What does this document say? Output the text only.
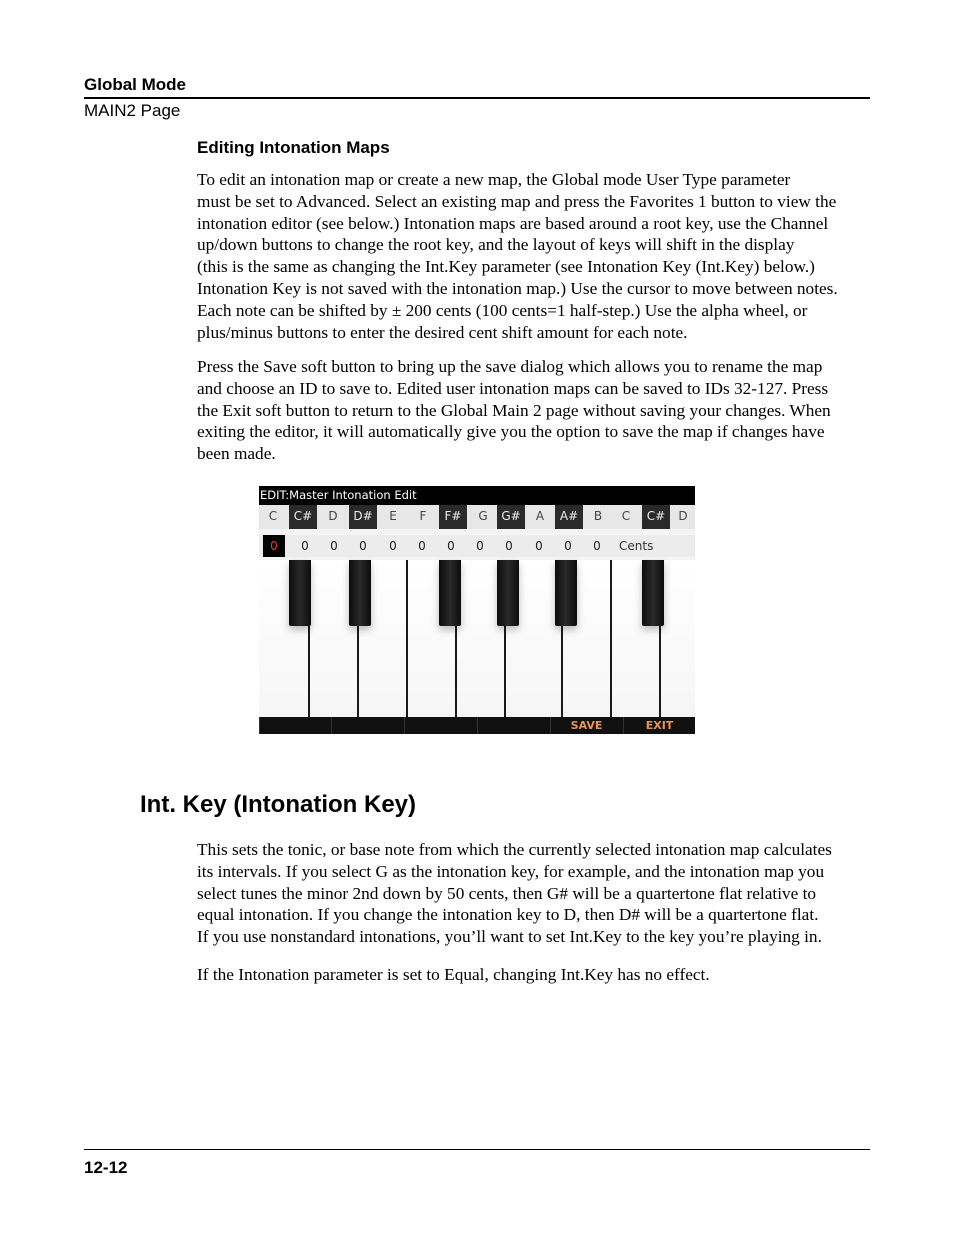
Global Mode
MAIN2 Page
Editing Intonation Maps
To edit an intonation map or create a new map, the Global mode User Type parameter
must be set to Advanced. Select an existing map and press the Favorites 1 button to view the
intonation editor (see below.) Intonation maps are based around a root key, use the Channel
up/down buttons to change the root key, and the layout of keys will shift in the display
(this is the same as changing the Int.Key parameter (see Intonation Key (Int.Key) below.)
Intonation Key is not saved with the intonation map.) Use the cursor to move between notes.
Each note can be shifted by ± 200 cents (100 cents=1 half-step.) Use the alpha wheel, or
plus/minus buttons to enter the desired cent shift amount for each note.
Press the Save soft button to bring up the save dialog which allows you to rename the map
and choose an ID to save to. Edited user intonation maps can be saved to IDs 32-127. Press
the Exit soft button to return to the Global Main 2 page without saving your changes. When
exiting the editor, it will automatically give you the option to save the map if changes have
been made.
EDIT:Master Intonation Edit
C	C#	D	D#	E	F	F#	G	G#	A	A#	B	C	C#	D
0	0	0	0	0	0	0	0	0	0	0	0	Cents
SAVE	EXIT
Int. Key (Intonation Key)
This sets the tonic, or base note from which the currently selected intonation map calculates
its intervals. If you select G as the intonation key, for example, and the intonation map you
select tunes the minor 2nd down by 50 cents, then G# will be a quartertone flat relative to
equal intonation. If you change the intonation key to D, then D# will be a quartertone flat.
If you use nonstandard intonations, you’ll want to set Int.Key to the key you’re playing in.
If the Intonation parameter is set to Equal, changing Int.Key has no effect.
12-12
